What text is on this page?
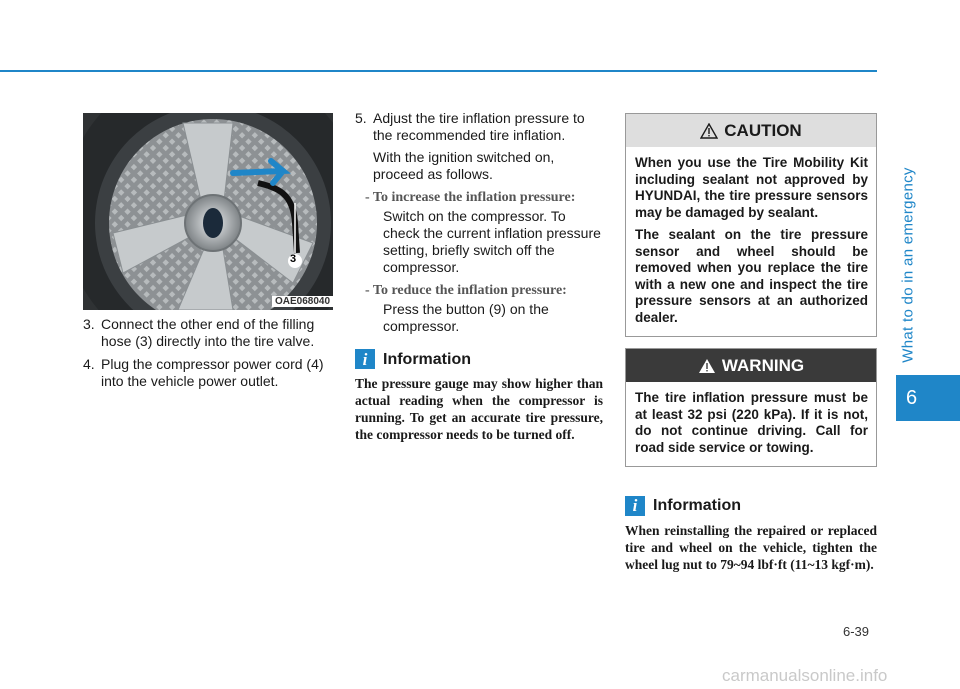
What to do in an emergency
6
3
OAE068040
3. Connect the other end of the filling hose (3) directly into the tire valve.
4. Plug the compressor power cord (4) into the vehicle power outlet.
5. Adjust the tire inflation pressure to the recommended tire inflation.

With the ignition switched on, proceed as follows.

- To increase the inflation pressure:

Switch on the compressor. To check the current inflation pressure setting, briefly switch off the compressor.

- To reduce the inflation pressure:

Press the button (9) on the compressor.

i Information

The pressure gauge may show higher than actual reading when the compressor is running. To get an accurate tire pressure, the compressor needs to be turned off.

CAUTION

When you use the Tire Mobility Kit including sealant not approved by HYUNDAI, the tire pressure sensors may be damaged by sealant.

The sealant on the tire pressure sensor and wheel should be removed when you replace the tire with a new one and inspect the tire pressure sensors at an authorized dealer.

WARNING

The tire inflation pressure must be at least 32 psi (220 kPa). If it is not, do not continue driving. Call for road side service or towing.

i Information

When reinstalling the repaired or replaced tire and wheel on the vehicle, tighten the wheel lug nut to 79~94 lbf·ft (11~13 kgf·m).

6-39
carmanualsonline.info
